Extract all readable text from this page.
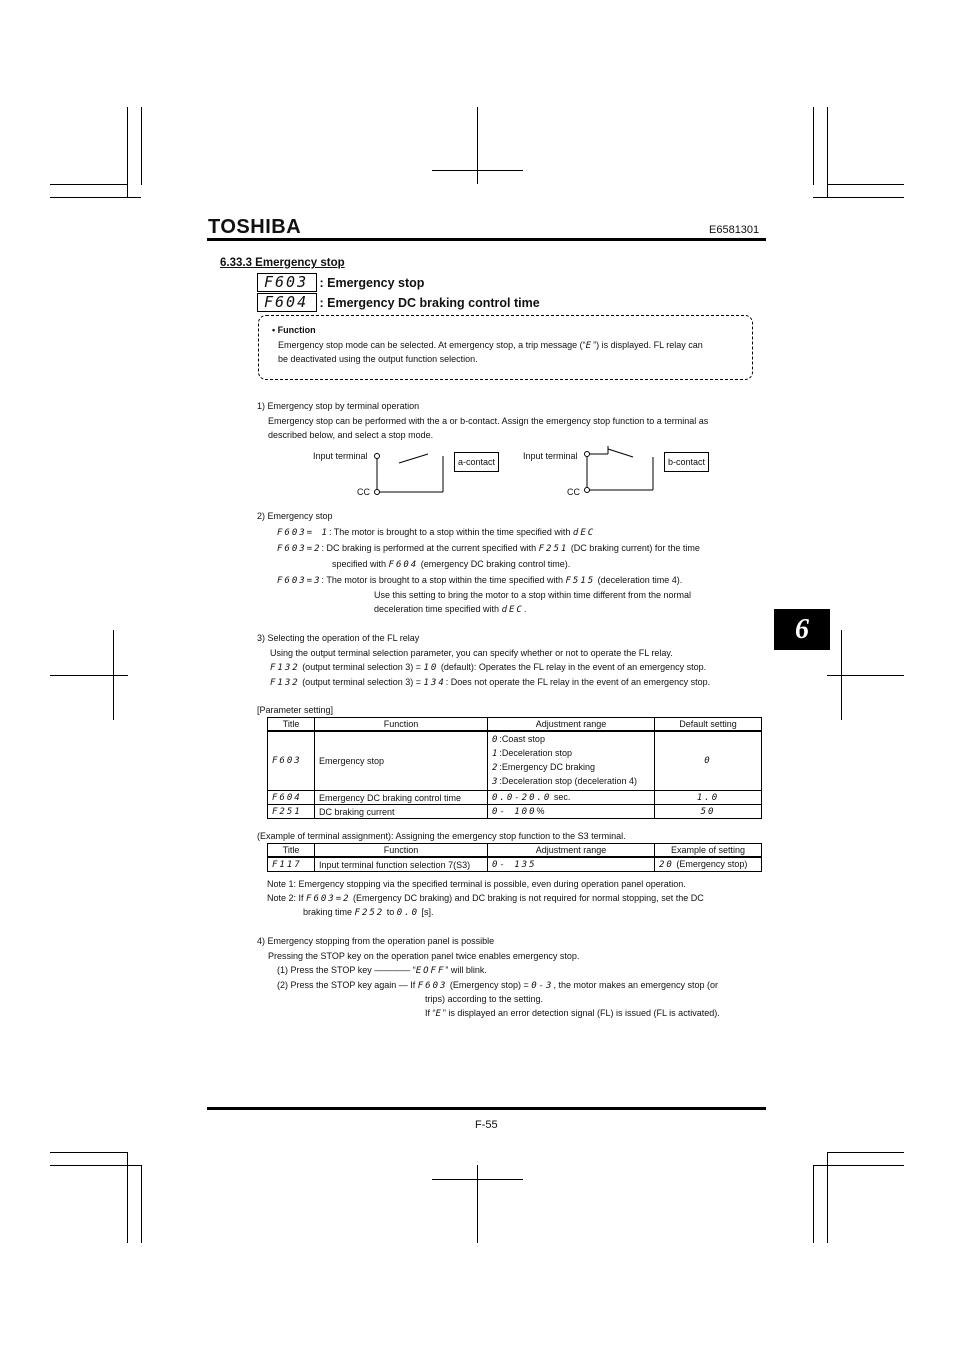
TOSHIBA	E6581301
6.33.3 Emergency stop
F603 : Emergency stop
F604 : Emergency DC braking control time
• Function
Emergency stop mode can be selected. At emergency stop, a trip message (“E”) is displayed. FL relay can
be deactivated using the output function selection.
1) Emergency stop by terminal operation
Emergency stop can be performed with the a or b-contact. Assign the emergency stop function to a terminal as
described below, and select a stop mode.
Input terminal
CC
a-contact
Input terminal
CC
b-contact
2) Emergency stop
F603= 1: The motor is brought to a stop within the time specified with dEC
F603=2: DC braking is performed at the current specified with F251 (DC braking current) for the time
specified with F604 (emergency DC braking control time).
F603=3: The motor is brought to a stop within the time specified with F515 (deceleration time 4).
Use this setting to bring the motor to a stop within time different from the normal
deceleration time specified with dEC.
3) Selecting the operation of the FL relay
Using the output terminal selection parameter, you can specify whether or not to operate the FL relay.
F132 (output terminal selection 3) = 10 (default): Operates the FL relay in the event of an emergency stop.
F132 (output terminal selection 3) = 134: Does not operate the FL relay in the event of an emergency stop.
[Parameter setting]
Title	Function	Adjustment range	Default setting
F603	Emergency stop	0:Coast stop
1:Deceleration stop
2:Emergency DC braking
3:Deceleration stop (deceleration 4)	0
F604	Emergency DC braking control time	0.0-20.0 sec.	1.0
F251	DC braking current	0- 100%	50
(Example of terminal assignment): Assigning the emergency stop function to the S3 terminal.
Title	Function	Adjustment range	Example of setting
F117	Input terminal function selection 7(S3)	0- 135	20 (Emergency stop)
Note 1: Emergency stopping via the specified terminal is possible, even during operation panel operation.
Note 2: If F603=2 (Emergency DC braking) and DC braking is not required for normal stopping, set the DC
braking time F252 to 0.0 [s].
4) Emergency stopping from the operation panel is possible
Pressing the STOP key on the operation panel twice enables emergency stop.
(1) Press the STOP key ———— “EOFF” will blink.
(2) Press the STOP key again — If F603 (Emergency stop) = 0-3, the motor makes an emergency stop (or
trips) according to the setting.
If “E” is displayed an error detection signal (FL) is issued (FL is activated).
6
F-55
